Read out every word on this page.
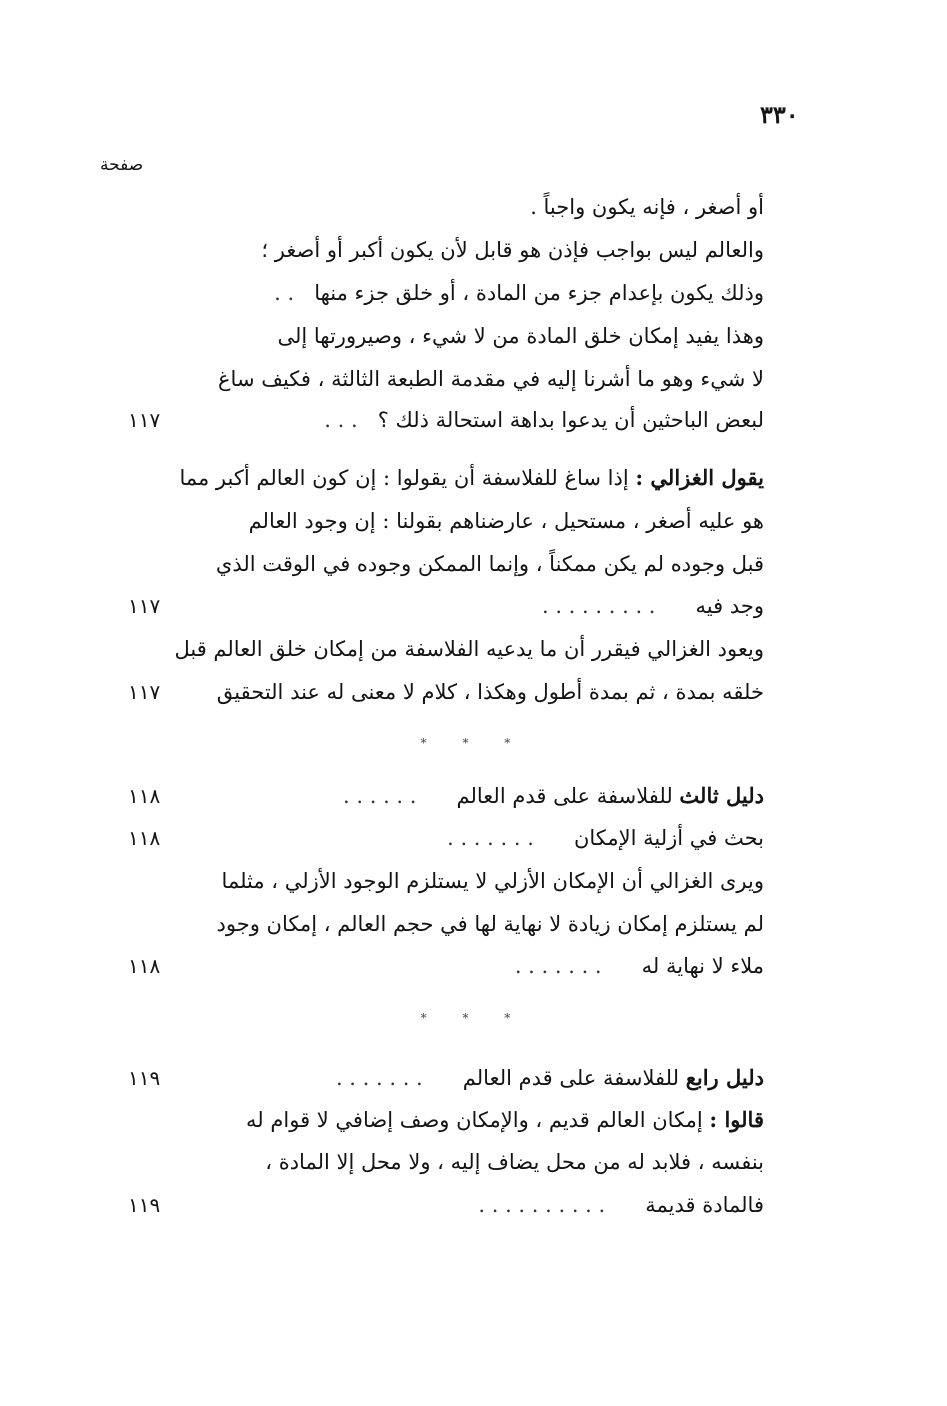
٣٣٠
صفحة
أو أصغر ، فإنه يكون واجباً .
والعالم ليس بواجب فإذن هو قابل لأن يكون أكبر أو أصغر ؛
وذلك يكون بإعدام جزء من المادة ، أو خلق جزء منها   . .
وهذا يفيد إمكان خلق المادة من لا شيء ، وصيرورتها إلى
لا شيء وهو ما أشرنا إليه في مقدمة الطبعة الثالثة ، فكيف ساغ
لبعض الباحثين أن يدعوا بداهة استحالة ذلك ؟   . . .
١١٧
يقول الغزالي : إذا ساغ للفلاسفة أن يقولوا : إن كون العالم أكبر مما
هو عليه أصغر ، مستحيل ، عارضناهم بقولنا : إن وجود العالم
قبل وجوده لم يكن ممكناً ، وإنما الممكن وجوده في الوقت الذي
وجد فيه      . . . . . . . . .
١١٧
ويعود الغزالي فيقرر أن ما يدعيه الفلاسفة من إمكان خلق العالم قبل
خلقه بمدة ، ثم بمدة أطول وهكذا ، كلام لا معنى له عند التحقيق
١١٧
* * *
دليل ثالث للفلاسفة على قدم العالم      . . . . . .
١١٨
بحث في أزلية الإمكان      . . . . . . .
١١٨
ويرى الغزالي أن الإمكان الأزلي لا يستلزم الوجود الأزلي ، مثلما
لم يستلزم إمكان زيادة لا نهاية لها في حجم العالم ، إمكان وجود
ملاء لا نهاية له      . . . . . . .
١١٨
* * *
دليل رابع للفلاسفة على قدم العالم      . . . . . . .
١١٩
قالوا : إمكان العالم قديم ، والإمكان وصف إضافي لا قوام له
بنفسه ، فلابد له من محل يضاف إليه ، ولا محل إلا المادة ،
فالمادة قديمة      . . . . . . . . . .
١١٩
